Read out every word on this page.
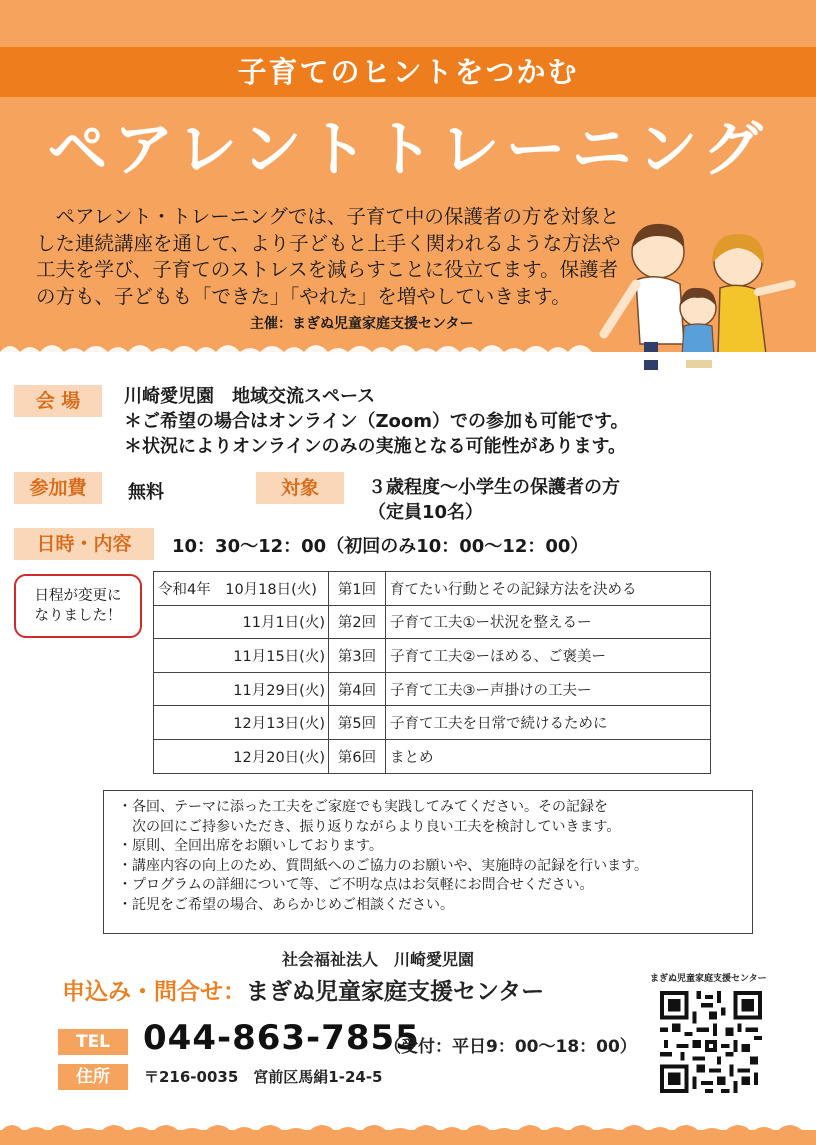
子育てのヒントをつかむ
ペアレントトレーニング
ペアレント・トレーニングでは、子育て中の保護者の方を対象とした連続講座を通して、より子どもと上手く関われるような方法や工夫を学び、子育てのストレスを減らすことに役立てます。保護者の方も、子どもも「できた」「やれた」を増やしていきます。
主催：まぎぬ児童家庭支援センター
会 場	川崎愛児園　地域交流スペース
＊ご希望の場合はオンライン（Zoom）での参加も可能です。
＊状況によりオンラインのみの実施となる可能性があります。
参加費	無料	対象	３歳程度～小学生の保護者の方
（定員10名）
日時・内容	10：30～12：00（初回のみ10：00～12：00）
日程が変更に
なりました！
令和4年　10月18日(火)	第1回	育てたい行動とその記録方法を決める
11月1日(火)	第2回	子育て工夫①ー状況を整えるー
11月15日(火)	第3回	子育て工夫②ーほめる、ご褒美ー
11月29日(火)	第4回	子育て工夫③ー声掛けの工夫ー
12月13日(火)	第5回	子育て工夫を日常で続けるために
12月20日(火)	第6回	まとめ
・各回、テーマに添った工夫をご家庭でも実践してみてください。その記録を
　次の回にご持参いただき、振り返りながらより良い工夫を検討していきます。
・原則、全回出席をお願いしております。
・講座内容の向上のため、質問紙へのご協力のお願いや、実施時の記録を行います。
・プログラムの詳細について等、ご不明な点はお気軽にお問合せください。
・託児をご希望の場合、あらかじめご相談ください。
社会福祉法人　川崎愛児園
申込み・問合せ：まぎぬ児童家庭支援センター	まぎぬ児童家庭支援センター
TEL 044-863-7855
（受付：平日9：00～18：00）
住所	〒216-0035　宮前区馬絹1-24-5
